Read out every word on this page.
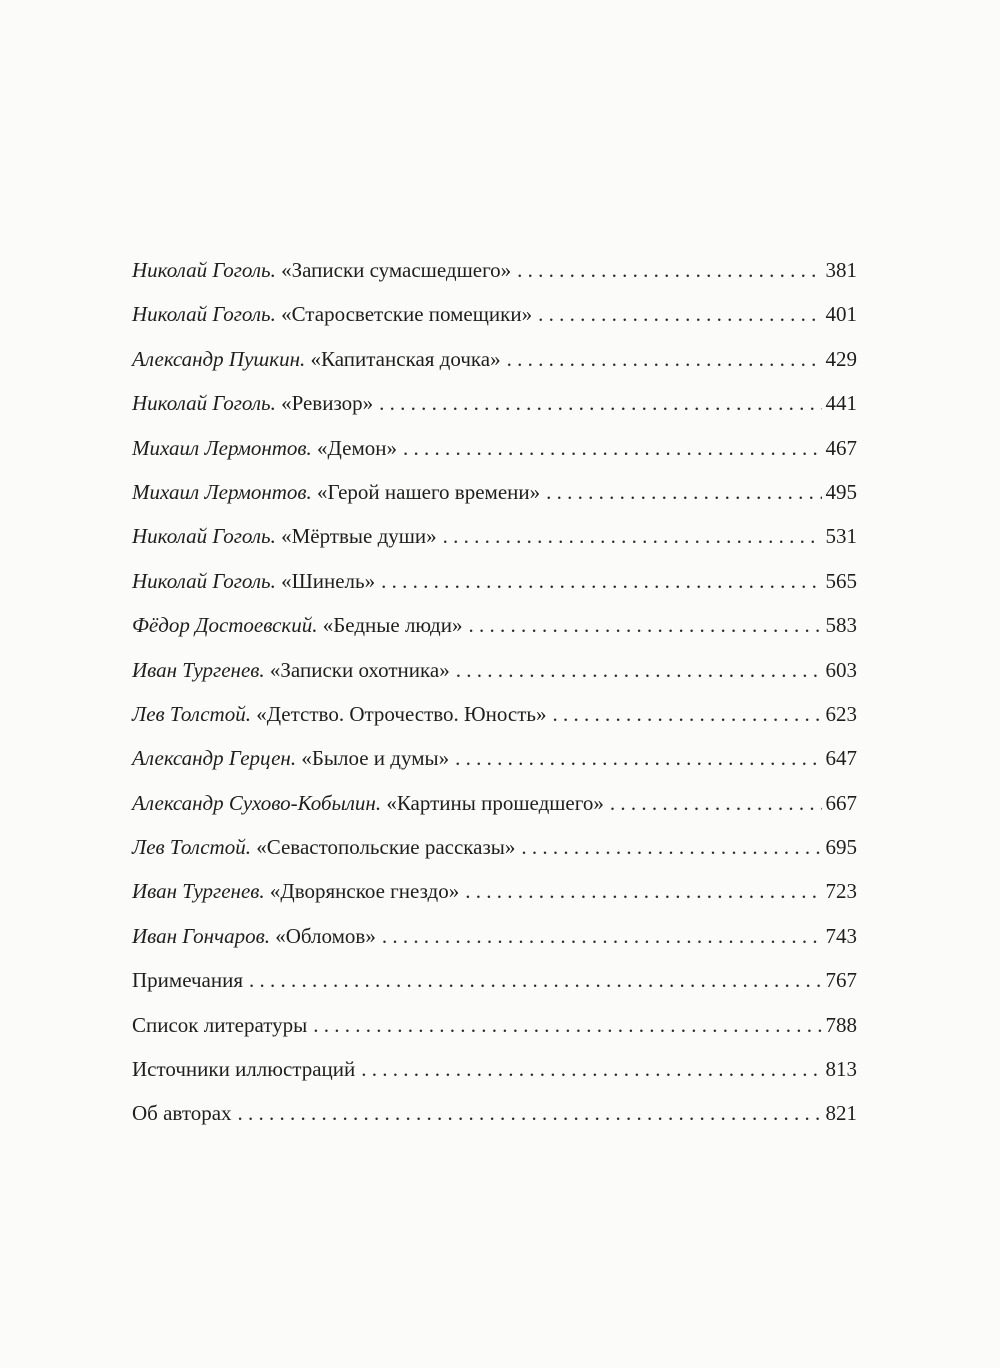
Николай Гоголь. «Записки сумасшедшего» . . .	381
Николай Гоголь. «Старосветские помещики» . . .	401
Александр Пушкин. «Капитанская дочка» . . .	429
Николай Гоголь. «Ревизор» . . .	441
Михаил Лермонтов. «Демон» . . .	467
Михаил Лермонтов. «Герой нашего времени» . . .	495
Николай Гоголь. «Мёртвые души» . . .	531
Николай Гоголь. «Шинель» . . .	565
Фёдор Достоевский. «Бедные люди» . . .	583
Иван Тургенев. «Записки охотника» . . .	603
Лев Толстой. «Детство. Отрочество. Юность» . . .	623
Александр Герцен. «Былое и думы» . . .	647
Александр Сухово-Кобылин. «Картины прошедшего» . . .	667
Лев Толстой. «Севастопольские рассказы» . . .	695
Иван Тургенев. «Дворянское гнездо» . . .	723
Иван Гончаров. «Обломов» . . .	743
Примечания . . .	767
Список литературы . . .	788
Источники иллюстраций . . .	813
Об авторах . . .	821
